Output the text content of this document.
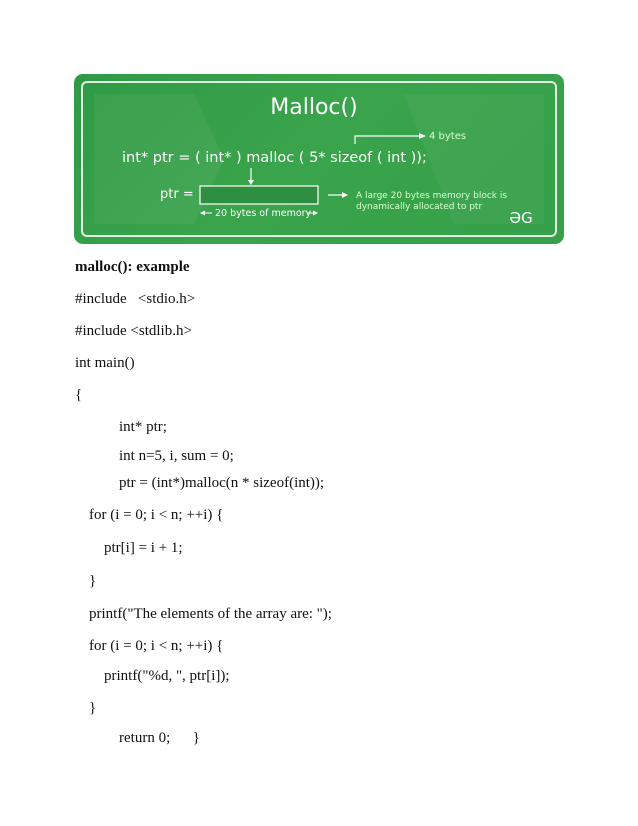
Malloc()
int* ptr = ( int* ) malloc ( 5* sizeof ( int ));
4 bytes
ptr =
20 bytes of memory
A large 20 bytes memory block is
dynamically allocated to ptr
ƏG
malloc(): example
#include   <stdio.h>
#include <stdlib.h>
int main()
{
int* ptr;
int n=5, i, sum = 0;
ptr = (int*)malloc(n * sizeof(int));
for (i = 0; i < n; ++i) {
ptr[i] = i + 1;
}
printf("The elements of the array are: ");
for (i = 0; i < n; ++i) {
printf("%d, ", ptr[i]);
}
return 0;      }
